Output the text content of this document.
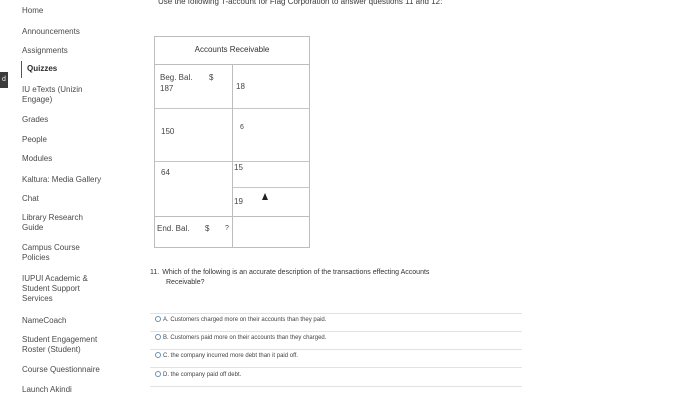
d
Home
Announcements
Assignments
Quizzes
IU eTexts (Unizin Engage)
Grades
People
Modules
Kaltura: Media Gallery
Chat
Library Research Guide
Campus Course Policies
IUPUI Academic & Student Support Services
NameCoach
Student Engagement Roster (Student)
Course Questionnaire
Launch Akindi
Use the following T-account for Flag Corporation to answer questions 11 and 12:
Accounts Receivable
Beg. Bal. $
187
150
64
18
6
15
19
End. Bal. $ ?
11. Which of the following is an accurate description of the transactions effecting Accounts
Receivable?
A. Customers charged more on their accounts than they paid.
B. Customers paid more on their accounts than they charged.
C. the company incurred more debt than it paid off.
D. the company paid off debt.
